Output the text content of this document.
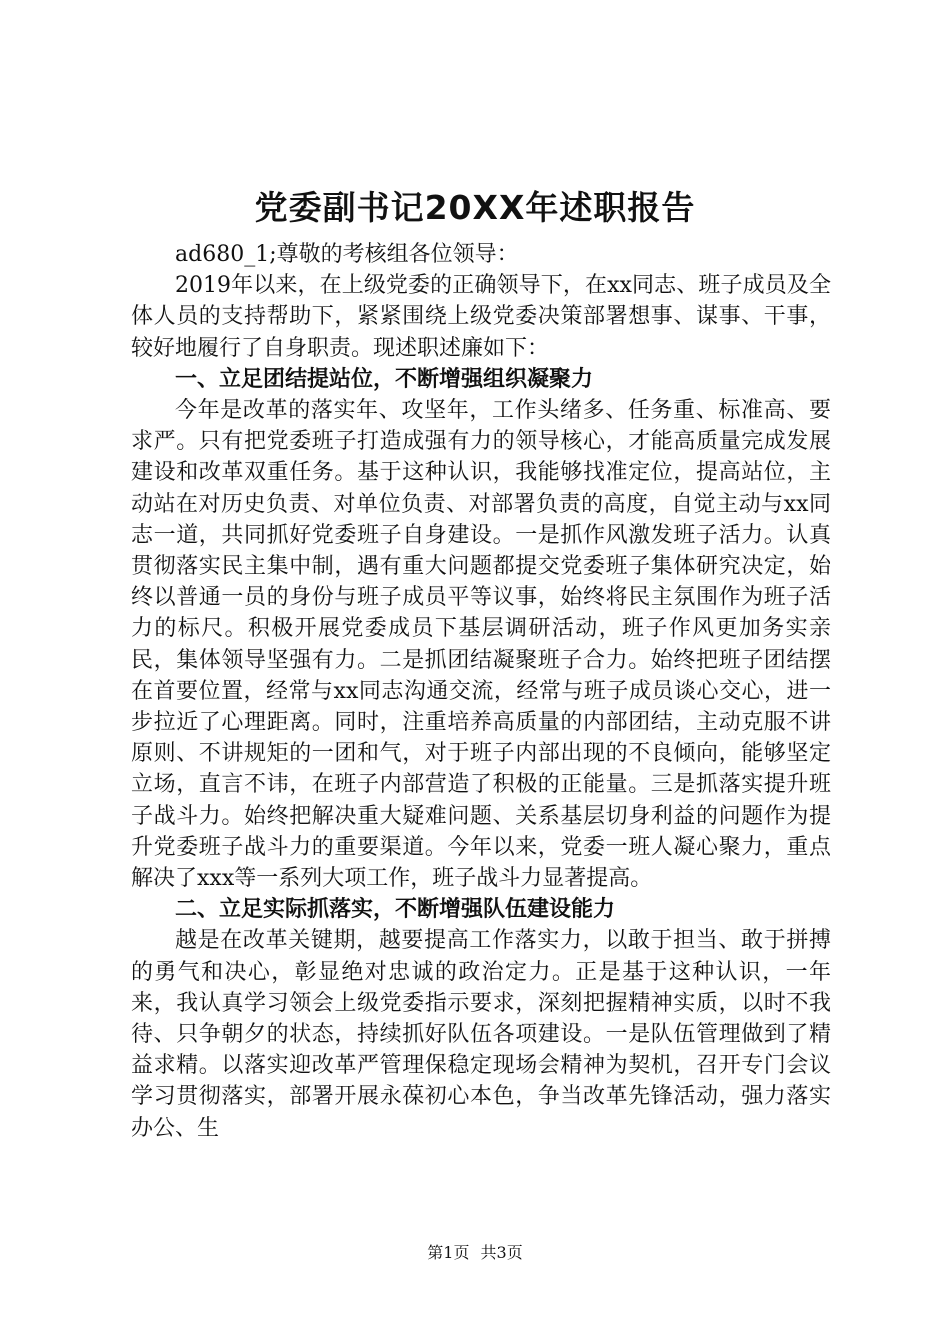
党委副书记20XX年述职报告

ad680_1;尊敬的考核组各位领导：

2019年以来，在上级党委的正确领导下，在xx同志、班子成员及全体人员的支持帮助下，紧紧围绕上级党委决策部署想事、谋事、干事，较好地履行了自身职责。现述职述廉如下：

一、立足团结提站位，不断增强组织凝聚力

今年是改革的落实年、攻坚年，工作头绪多、任务重、标准高、要求严。只有把党委班子打造成强有力的领导核心，才能高质量完成发展建设和改革双重任务。基于这种认识，我能够找准定位，提高站位，主动站在对历史负责、对单位负责、对部署负责的高度，自觉主动与xx同志一道，共同抓好党委班子自身建设。一是抓作风激发班子活力。认真贯彻落实民主集中制，遇有重大问题都提交党委班子集体研究决定，始终以普通一员的身份与班子成员平等议事，始终将民主氛围作为班子活力的标尺。积极开展党委成员下基层调研活动，班子作风更加务实亲民，集体领导坚强有力。二是抓团结凝聚班子合力。始终把班子团结摆在首要位置，经常与xx同志沟通交流，经常与班子成员谈心交心，进一步拉近了心理距离。同时，注重培养高质量的内部团结，主动克服不讲原则、不讲规矩的一团和气，对于班子内部出现的不良倾向，能够坚定立场，直言不讳，在班子内部营造了积极的正能量。三是抓落实提升班子战斗力。始终把解决重大疑难问题、关系基层切身利益的问题作为提升党委班子战斗力的重要渠道。今年以来，党委一班人凝心聚力，重点解决了xxx等一系列大项工作，班子战斗力显著提高。

二、立足实际抓落实，不断增强队伍建设能力

越是在改革关键期，越要提高工作落实力，以敢于担当、敢于拼搏的勇气和决心，彰显绝对忠诚的政治定力。正是基于这种认识，一年来，我认真学习领会上级党委指示要求，深刻把握精神实质，以时不我待、只争朝夕的状态，持续抓好队伍各项建设。一是队伍管理做到了精益求精。以落实迎改革严管理保稳定现场会精神为契机，召开专门会议学习贯彻落实，部署开展永葆初心本色，争当改革先锋活动，强力落实办公、生

第1页 共3页
